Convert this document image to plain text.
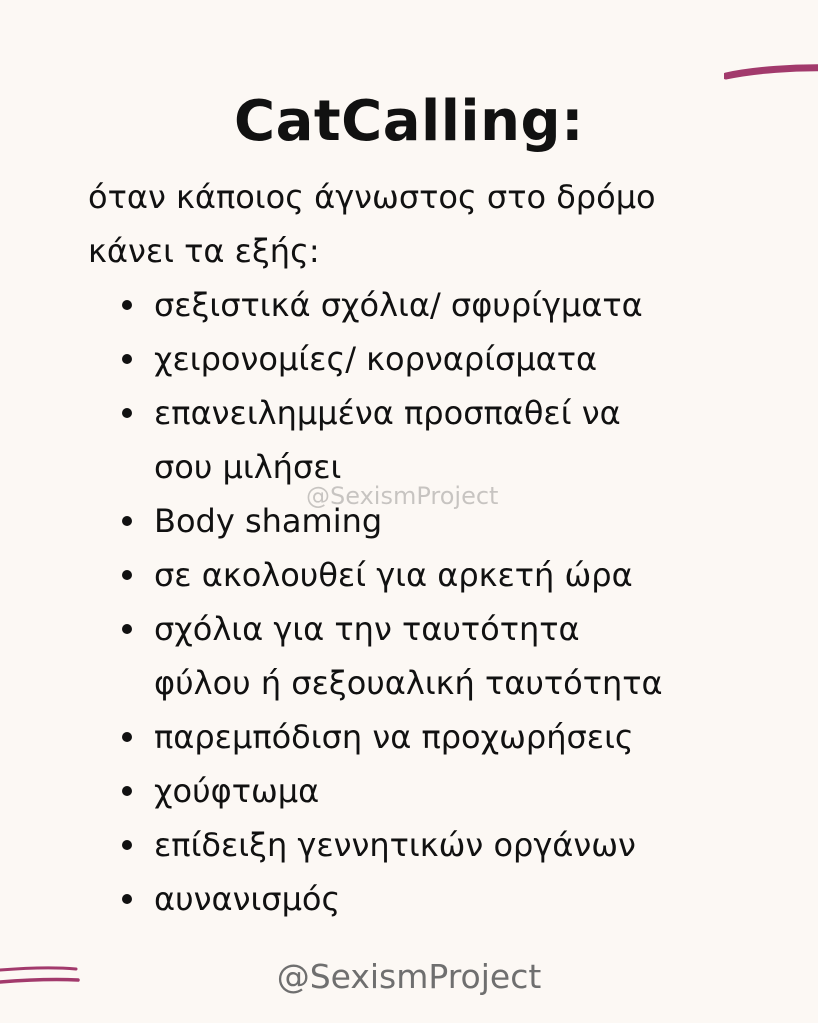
CatCalling:

όταν κάποιος άγνωστος στο δρόμο
κάνει τα εξής:

σεξιστικά σχόλια/ σφυρίγματα
χειρονομίες/ κορναρίσματα
επανειλημμένα προσπαθεί να
σου μιλήσει
Body shaming
σε ακολουθεί για αρκετή ώρα
σχόλια για την ταυτότητα
φύλου ή σεξουαλική ταυτότητα
παρεμπόδιση να προχωρήσεις
χούφτωμα
επίδειξη γεννητικών οργάνων
αυνανισμός
@SexismProject
@SexismProject
